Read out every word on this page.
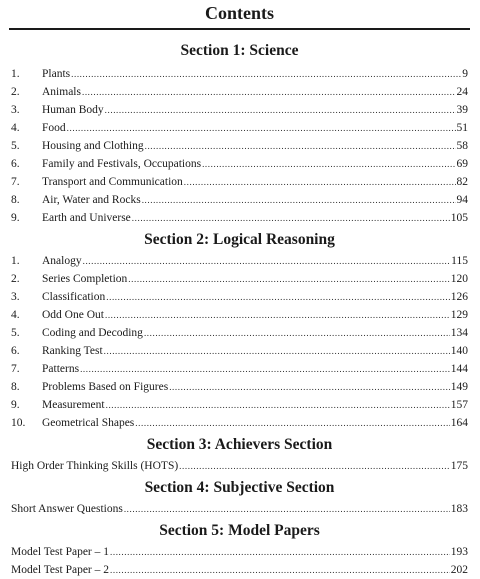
Contents
Section 1: Science
1.	Plants .....	9
2.	Animals .....	24
3.	Human Body .....	39
4.	Food .....	51
5.	Housing and Clothing .....	58
6.	Family and Festivals, Occupations .....	69
7.	Transport and Communication .....	82
8.	Air, Water and Rocks .....	94
9.	Earth and Universe .....	105
Section 2: Logical Reasoning
1.	Analogy .....	115
2.	Series Completion .....	120
3.	Classification .....	126
4.	Odd One Out .....	129
5.	Coding and Decoding .....	134
6.	Ranking Test .....	140
7.	Patterns .....	144
8.	Problems Based on Figures .....	149
9.	Measurement .....	157
10.	Geometrical Shapes .....	164
Section 3: Achievers Section
High Order Thinking Skills (HOTS) .....	175
Section 4: Subjective Section
Short Answer Questions .....	183
Section 5: Model Papers
Model Test Paper – 1 .....	193
Model Test Paper – 2 .....	202
